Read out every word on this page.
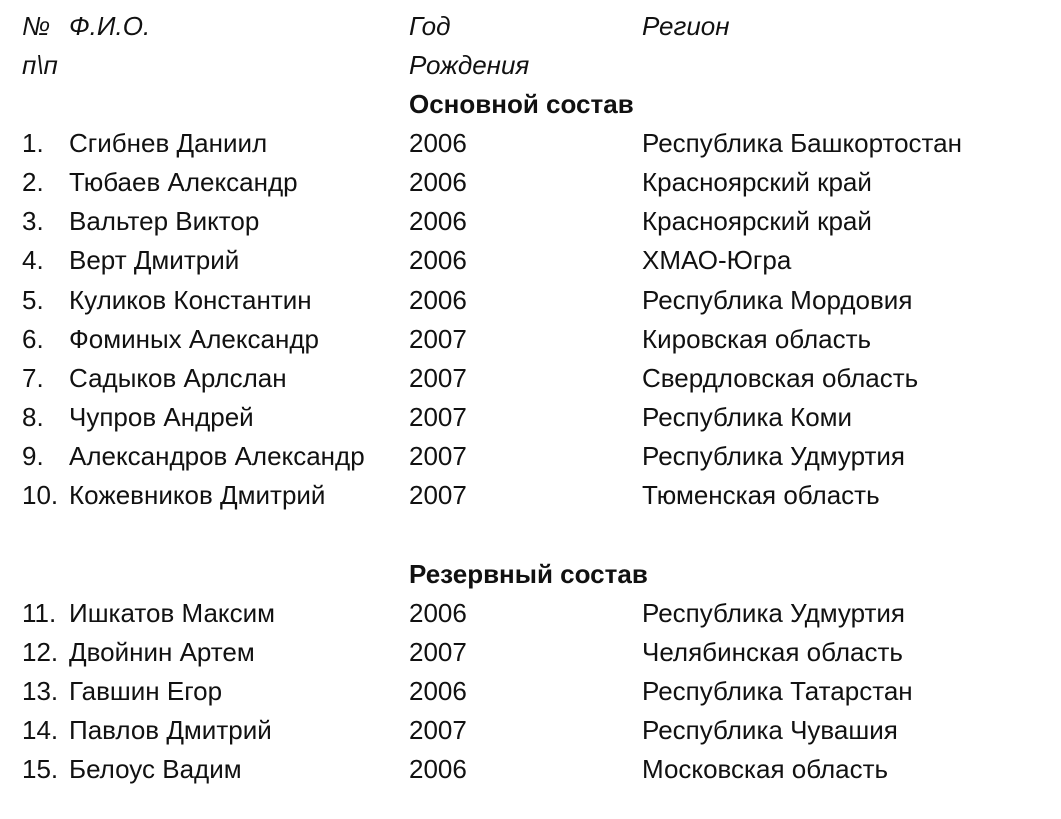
№ Ф.И.О.	Год	Регион
п\п	Рождения
Основной состав
1. Сгибнев Даниил	2006	Республика Башкортостан
2. Тюбаев Александр	2006	Красноярский край
3. Вальтер Виктор	2006	Красноярский край
4. Верт Дмитрий	2006	ХМАО-Югра
5. Куликов Константин	2006	Республика Мордовия
6. Фоминых Александр	2007	Кировская область
7. Садыков Арлслан	2007	Свердловская область
8. Чупров Андрей	2007	Республика Коми
9. Александров Александр 2007	Республика Удмуртия
10. Кожевников Дмитрий	2007	Тюменская область
Резервный состав
11. Ишкатов Максим	2006	Республика Удмуртия
12. Двойнин Артем	2007	Челябинская область
13. Гавшин Егор	2006	Республика Татарстан
14. Павлов Дмитрий	2007	Республика Чувашия
15. Белоус Вадим	2006	Московская область
